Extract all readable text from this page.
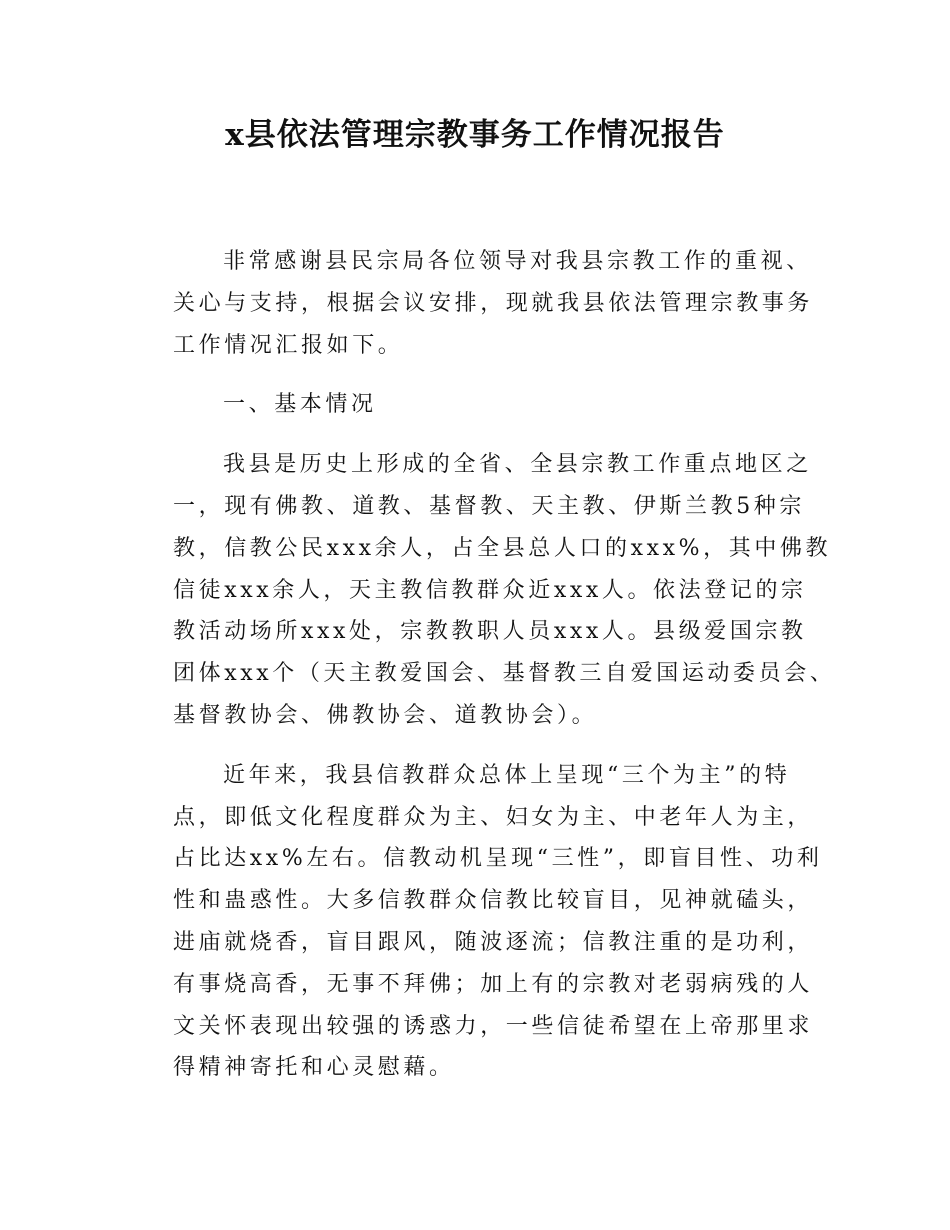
x县依法管理宗教事务工作情况报告
非常感谢县民宗局各位领导对我县宗教工作的重视、
关心与支持，根据会议安排，现就我县依法管理宗教事务
工作情况汇报如下。
一、基本情况
我县是历史上形成的全省、全县宗教工作重点地区之
一，现有佛教、道教、基督教、天主教、伊斯兰教5种宗
教，信教公民xxx余人，占全县总人口的xxx%，其中佛教
信徒xxx余人，天主教信教群众近xxx人。依法登记的宗
教活动场所xxx处，宗教教职人员xxx人。县级爱国宗教
团体xxx个（天主教爱国会、基督教三自爱国运动委员会、
基督教协会、佛教协会、道教协会）。
近年来，我县信教群众总体上呈现“三个为主”的特
点，即低文化程度群众为主、妇女为主、中老年人为主，
占比达xx%左右。信教动机呈现“三性”，即盲目性、功利
性和蛊惑性。大多信教群众信教比较盲目，见神就磕头，
进庙就烧香，盲目跟风，随波逐流；信教注重的是功利，
有事烧高香，无事不拜佛；加上有的宗教对老弱病残的人
文关怀表现出较强的诱惑力，一些信徒希望在上帝那里求
得精神寄托和心灵慰藉。
